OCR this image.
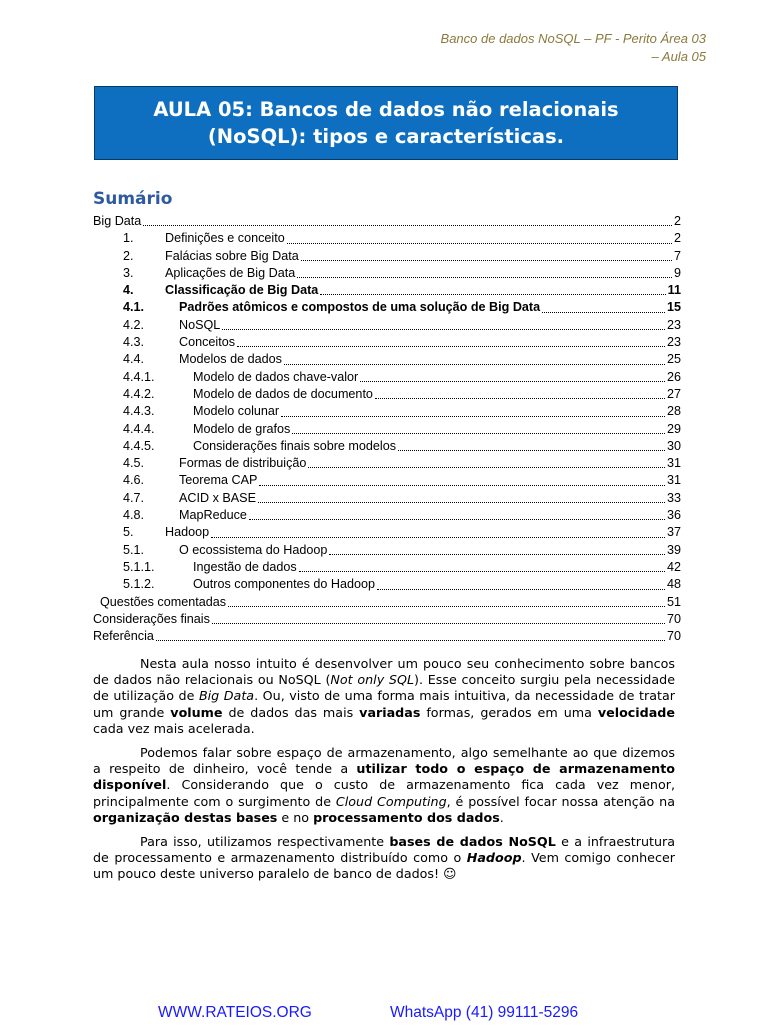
Banco de dados NoSQL – PF - Perito Área 03
– Aula 05
AULA 05: Bancos de dados não relacionais
(NoSQL): tipos e características.
Sumário
Big Data	2
1.	Definições e conceito	2
2.	Falácias sobre Big Data	7
3.	Aplicações de Big Data	9
4.	Classificação de Big Data	11
4.1.	Padrões atômicos e compostos de uma solução de Big Data	15
4.2.	NoSQL	23
4.3.	Conceitos	23
4.4.	Modelos de dados	25
4.4.1.	Modelo de dados chave-valor	26
4.4.2.	Modelo de dados de documento	27
4.4.3.	Modelo colunar	28
4.4.4.	Modelo de grafos	29
4.4.5.	Considerações finais sobre modelos	30
4.5.	Formas de distribuição	31
4.6.	Teorema CAP	31
4.7.	ACID x BASE	33
4.8.	MapReduce	36
5.	Hadoop	37
5.1.	O ecossistema do Hadoop	39
5.1.1.	Ingestão de dados	42
5.1.2.	Outros componentes do Hadoop	48
Questões comentadas	51
Considerações finais	70
Referência	70

Nesta aula nosso intuito é desenvolver um pouco seu conhecimento sobre bancos de dados não relacionais ou NoSQL (Not only SQL). Esse conceito surgiu pela necessidade de utilização de Big Data. Ou, visto de uma forma mais intuitiva, da necessidade de tratar um grande volume de dados das mais variadas formas, gerados em uma velocidade cada vez mais acelerada.

Podemos falar sobre espaço de armazenamento, algo semelhante ao que dizemos a respeito de dinheiro, você tende a utilizar todo o espaço de armazenamento disponível. Considerando que o custo de armazenamento fica cada vez menor, principalmente com o surgimento de Cloud Computing, é possível focar nossa atenção na organização destas bases e no processamento dos dados.

Para isso, utilizamos respectivamente bases de dados NoSQL e a infraestrutura de processamento e armazenamento distribuído como o Hadoop. Vem comigo conhecer um pouco deste universo paralelo de banco de dados! ☺

WWW.RATEIOS.ORG	WhatsApp (41) 99111-5296
